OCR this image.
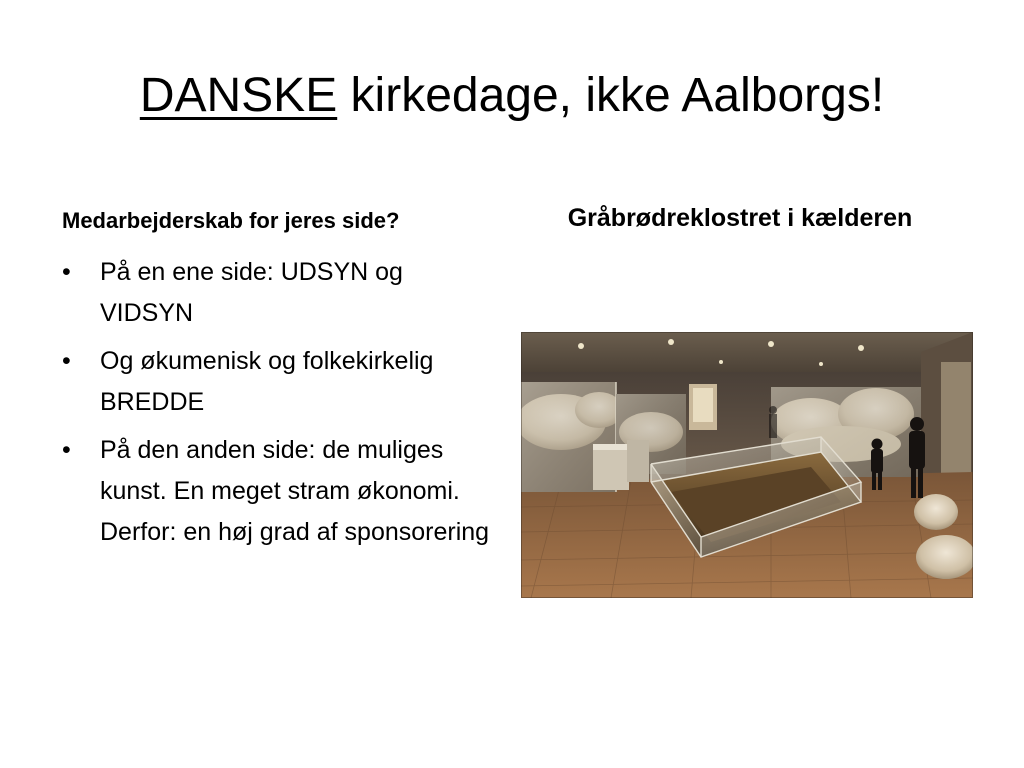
DANSKE kirkedage, ikke Aalborgs!
Medarbejderskab for jeres side?	Gråbrødreklostret i kælderen
•	På en ene side: UDSYN og VIDSYN
•	Og økumenisk og folkekirkelig BREDDE
•	På den anden side: de muliges kunst. En meget stram økonomi. Derfor: en høj grad af sponsorering
